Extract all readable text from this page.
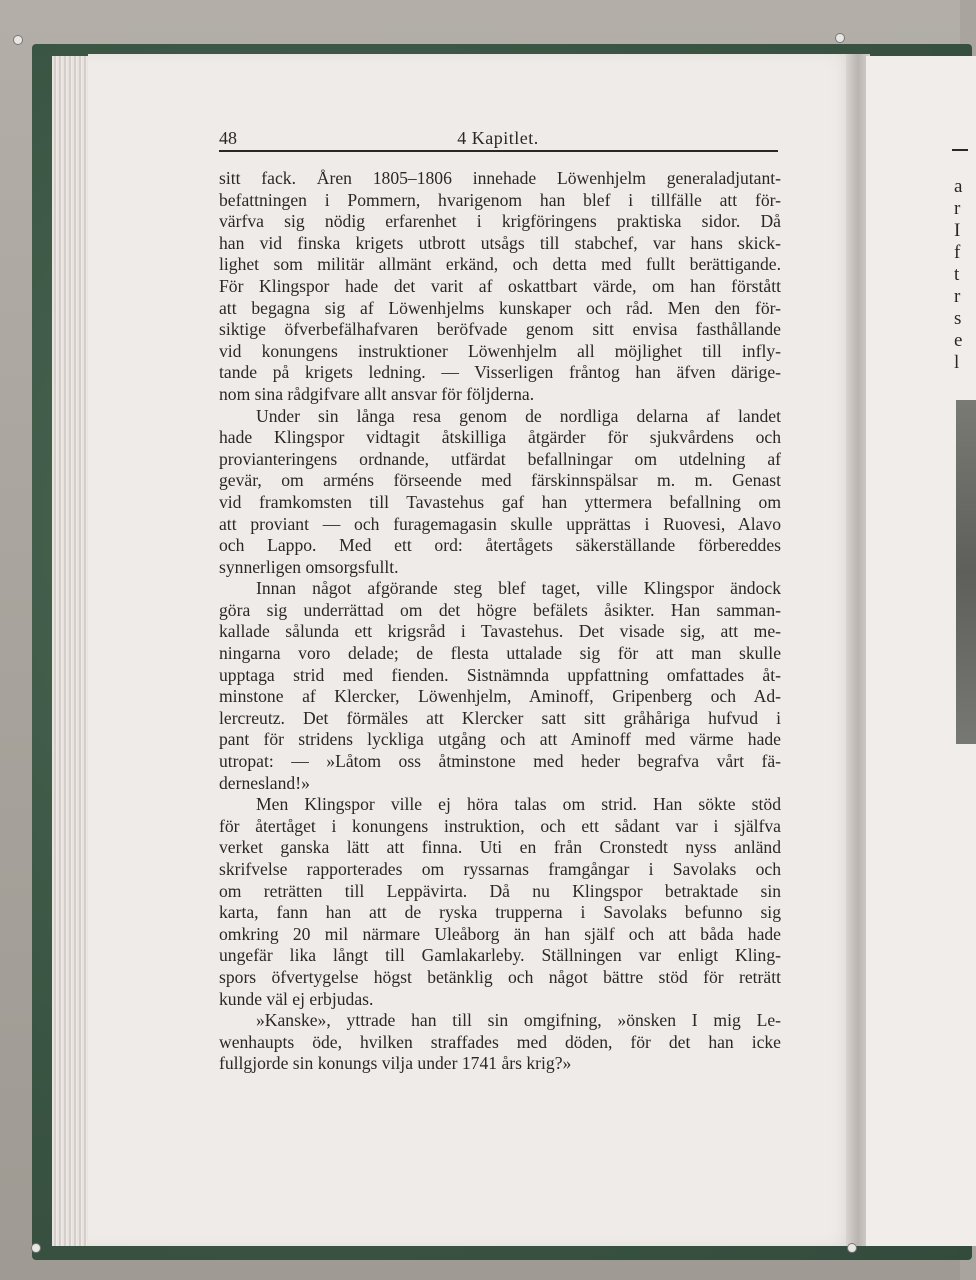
a
r
I
f
t
r
s
e
l
48	4 Kapitlet.
sitt fack. Åren 1805–1806 innehade Löwenhjelm generaladjutant-
befattningen i Pommern, hvarigenom han blef i tillfälle att för-
värfva sig nödig erfarenhet i krigföringens praktiska sidor. Då
han vid finska krigets utbrott utsågs till stabchef, var hans skick-
lighet som militär allmänt erkänd, och detta med fullt berättigande.
För Klingspor hade det varit af oskattbart värde, om han förstått
att begagna sig af Löwenhjelms kunskaper och råd. Men den för-
siktige öfverbefälhafvaren beröfvade genom sitt envisa fasthållande
vid konungens instruktioner Löwenhjelm all möjlighet till infly-
tande på krigets ledning. — Visserligen fråntog han äfven därige-
nom sina rådgifvare allt ansvar för följderna.
Under sin långa resa genom de nordliga delarna af landet
hade Klingspor vidtagit åtskilliga åtgärder för sjukvårdens och
provianteringens ordnande, utfärdat befallningar om utdelning af
gevär, om arméns förseende med färskinnspälsar m. m. Genast
vid framkomsten till Tavastehus gaf han yttermera befallning om
att proviant — och furagemagasin skulle upprättas i Ruovesi, Alavo
och Lappo. Med ett ord: återtågets säkerställande förbereddes
synnerligen omsorgsfullt.
Innan något afgörande steg blef taget, ville Klingspor ändock
göra sig underrättad om det högre befälets åsikter. Han samman-
kallade sålunda ett krigsråd i Tavastehus. Det visade sig, att me-
ningarna voro delade; de flesta uttalade sig för att man skulle
upptaga strid med fienden. Sistnämnda uppfattning omfattades åt-
minstone af Klercker, Löwenhjelm, Aminoff, Gripenberg och Ad-
lercreutz. Det förmäles att Klercker satt sitt gråhåriga hufvud i
pant för stridens lyckliga utgång och att Aminoff med värme hade
utropat: — »Låtom oss åtminstone med heder begrafva vårt fä-
dernesland!»
Men Klingspor ville ej höra talas om strid. Han sökte stöd
för återtåget i konungens instruktion, och ett sådant var i själfva
verket ganska lätt att finna. Uti en från Cronstedt nyss anländ
skrifvelse rapporterades om ryssarnas framgångar i Savolaks och
om reträtten till Leppävirta. Då nu Klingspor betraktade sin
karta, fann han att de ryska trupperna i Savolaks befunno sig
omkring 20 mil närmare Uleåborg än han själf och att båda hade
ungefär lika långt till Gamlakarleby. Ställningen var enligt Kling-
spors öfvertygelse högst betänklig och något bättre stöd för reträtt
kunde väl ej erbjudas.
»Kanske», yttrade han till sin omgifning, »önsken I mig Le-
wenhaupts öde, hvilken straffades med döden, för det han icke
fullgjorde sin konungs vilja under 1741 års krig?»
